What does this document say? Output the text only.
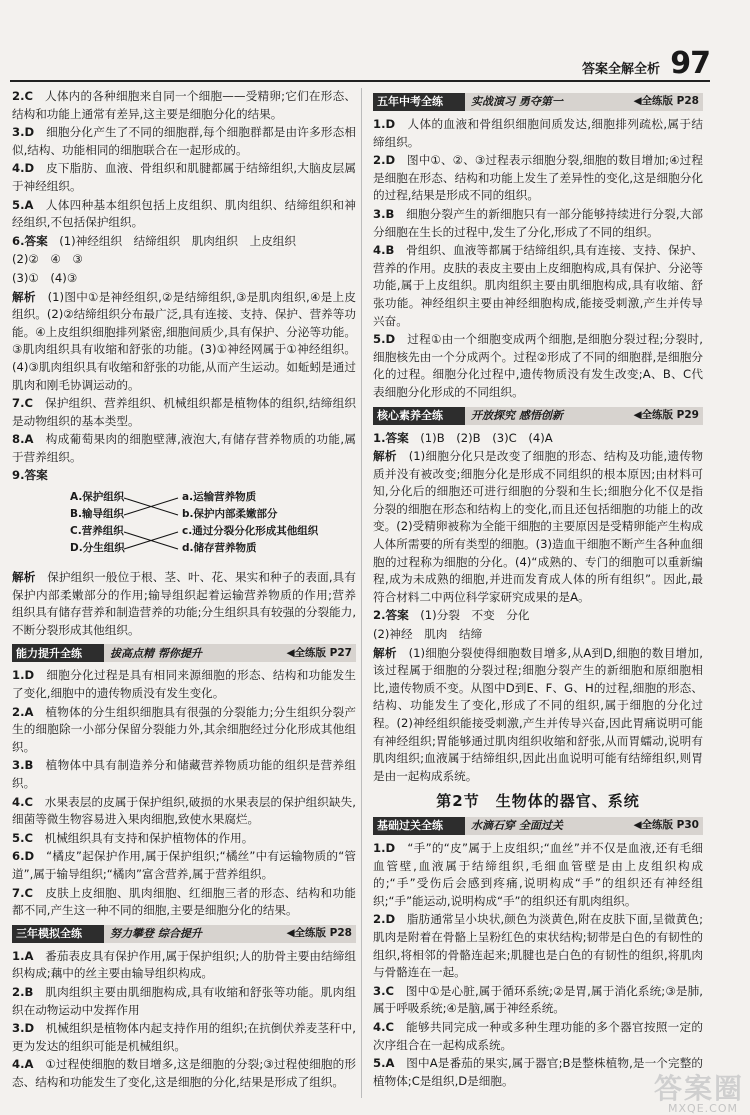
答案全解全析 97

2.C　 人体内的各种细胞来自同一个细胞——受精卵;它们在形态、结构和功能上通常有差异,这主要是细胞分化的结果。

3.D　 细胞分化产生了不同的细胞群,每个细胞群都是由许多形态相似,结构、功能相同的细胞联合在一起形成的。

4.D　 皮下脂肪、血液、骨组织和肌腱都属于结缔组织,大脑皮层属于神经组织。

5.A　 人体四种基本组织包括上皮组织、肌肉组织、结缔组织和神经组织,不包括保护组织。

6.答案　 (1)神经组织　结缔组织　肌肉组织　上皮组织

(2)②　④　③

(3)①　(4)③

解析　 (1)图中①是神经组织,②是结缔组织,③是肌肉组织,④是上皮组织。(2)②结缔组织分布最广泛,具有连接、支持、保护、营养等功能。④上皮组织细胞排列紧密,细胞间质少,具有保护、分泌等功能。③肌肉组织具有收缩和舒张的功能。(3)①神经网属于①神经组织。(4)③肌肉组织具有收缩和舒张的功能,从而产生运动。如蚯蚓是通过肌肉和刚毛协调运动的。

7.C　 保护组织、营养组织、机械组织都是植物体的组织,结缔组织是动物组织的基本类型。

8.A　 构成葡萄果肉的细胞壁薄,液泡大,有储存营养物质的功能,属于营养组织。

9.答案

A.保护组织
B.输导组织
C.营养组织
D.分生组织
a.运输营养物质
b.保护内部柔嫩部分
c.通过分裂分化形成其他组织
d.储存营养物质

解析　 保护组织一般位于根、茎、叶、花、果实和种子的表面,具有保护内部柔嫩部分的作用;输导组织起着运输营养物质的作用;营养组织具有储存营养和制造营养的功能;分生组织具有较强的分裂能力,不断分裂形成其他组织。

能力提升全练	拔高点精 帮你提升	◀全练版 P27

1.D　 细胞分化过程是具有相同来源细胞的形态、结构和功能发生了变化,细胞中的遗传物质没有发生变化。

2.A　 植物体的分生组织细胞具有很强的分裂能力;分生组织分裂产生的细胞除一小部分保留分裂能力外,其余细胞经过分化形成其他组织。

3.B　 植物体中具有制造养分和储藏营养物质功能的组织是营养组织。

4.C　 水果表层的皮属于保护组织,破损的水果表层的保护组织缺失,细菌等微生物容易进入果肉细胞,致使水果腐烂。

5.C　 机械组织具有支持和保护植物体的作用。

6.D　 “橘皮”起保护作用,属于保护组织;“橘丝”中有运输物质的“管道”,属于输导组织;“橘肉”富含营养,属于营养组织。

7.C　 皮肤上皮细胞、肌肉细胞、红细胞三者的形态、结构和功能都不同,产生这一种不同的细胞,主要是细胞分化的结果。

三年模拟全练	努力攀登 综合提升	◀全练版 P28

1.A　 番茄表皮具有保护作用,属于保护组织;人的肋骨主要由结缔组织构成;藕中的丝主要由输导组织构成。

2.B　 肌肉组织主要由肌细胞构成,具有收缩和舒张等功能。肌肉组织在动物运动中发挥作用

3.D　 机械组织是植物体内起支持作用的组织;在抗倒伏养麦茎秆中,更为发达的组织可能是机械组织。

4.A　 ①过程使细胞的数目增多,这是细胞的分裂;③过程使细胞的形态、结构和功能发生了变化,这是细胞的分化,结果是形成了组织。

五年中考全练	实战演习 勇夺第一	◀全练版 P28

1.D　 人体的血液和骨组织细胞间质发达,细胞排列疏松,属于结缔组织。

2.D　 图中①、②、③过程表示细胞分裂,细胞的数目增加;④过程是细胞在形态、结构和功能上发生了差异性的变化,这是细胞分化的过程,结果是形成不同的组织。

3.B　 细胞分裂产生的新细胞只有一部分能够持续进行分裂,大部分细胞在生长的过程中,发生了分化,形成了不同的组织。

4.B　 骨组织、血液等都属于结缔组织,具有连接、支持、保护、营养的作用。皮肤的表皮主要由上皮细胞构成,具有保护、分泌等功能,属于上皮组织。肌肉组织主要由肌细胞构成,具有收缩、舒张功能。神经组织主要由神经细胞构成,能接受刺激,产生并传导兴奋。

5.D　 过程①由一个细胞变成两个细胞,是细胞分裂过程;分裂时,细胞核先由一个分成两个。过程②形成了不同的细胞群,是细胞分化的过程。细胞分化过程中,遗传物质没有发生改变;A、B、C代表细胞分化形成的不同组织。

核心素养全练	开放探究 感悟创新	◀全练版 P29

1.答案　 (1)B　(2)B　(3)C　(4)A

解析　 (1)细胞分化只是改变了细胞的形态、结构及功能,遗传物质并没有被改变;细胞分化是形成不同组织的根本原因;由材料可知,分化后的细胞还可进行细胞的分裂和生长;细胞分化不仅是指分裂的细胞在形态和结构上的变化,而且还包括细胞的功能上的改变。(2)受精卵被称为全能干细胞的主要原因是受精卵能产生构成人体所需要的所有类型的细胞。(3)造血干细胞不断产生各种血细胞的过程称为细胞的分化。(4)“成熟的、专门的细胞可以重新编程,成为未成熟的细胞,并进而发育成人体的所有组织”。因此,最符合材料二中两位科学家研究成果的是A。

2.答案　 (1)分裂　不变　分化

(2)神经　肌肉　结缔

解析　 (1)细胞分裂使得细胞数目增多,从A到D,细胞的数目增加,该过程属于细胞的分裂过程;细胞分裂产生的新细胞和原细胞相比,遗传物质不变。从图中D到E、F、G、H的过程,细胞的形态、结构、功能发生了变化,形成了不同的组织,属于细胞的分化过程。(2)神经组织能接受刺激,产生并传导兴奋,因此胃痛说明可能有神经组织;胃能够通过肌肉组织收缩和舒张,从而胃蠕动,说明有肌肉组织;血液属于结缔组织,因此出血说明可能有结缔组织,则胃是由一起构成系统。

第2节　生物体的器官、系统
基础过关全练	水滴石穿 全面过关	◀全练版 P30

1.D　 “手”的“皮”属于上皮组织;“血丝”并不仅是血液,还有毛细血管壁,血液属于结缔组织,毛细血管壁是由上皮组织构成的;“手”受伤后会感到疼痛,说明构成“手”的组织还有神经组织;“手”能运动,说明构成“手”的组织还有肌肉组织。

2.D　 脂肪通常呈小块状,颜色为淡黄色,附在皮肤下面,呈微黄色;肌肉是附着在骨骼上呈粉红色的束状结构;韧带是白色的有韧性的组织,将相邻的骨骼连起来;肌腱也是白色的有韧性的组织,将肌肉与骨骼连在一起。

3.C　 图中①是心脏,属于循环系统;②是胃,属于消化系统;③是肺,属于呼吸系统;④是脑,属于神经系统。

4.C　 能够共同完成一种或多种生理功能的多个器官按照一定的次序组合在一起构成系统。

5.A　 图中A是番茄的果实,属于器官;B是整株植物,是一个完整的植物体;C是组织,D是细胞。	答案圈
MXQE.COM
